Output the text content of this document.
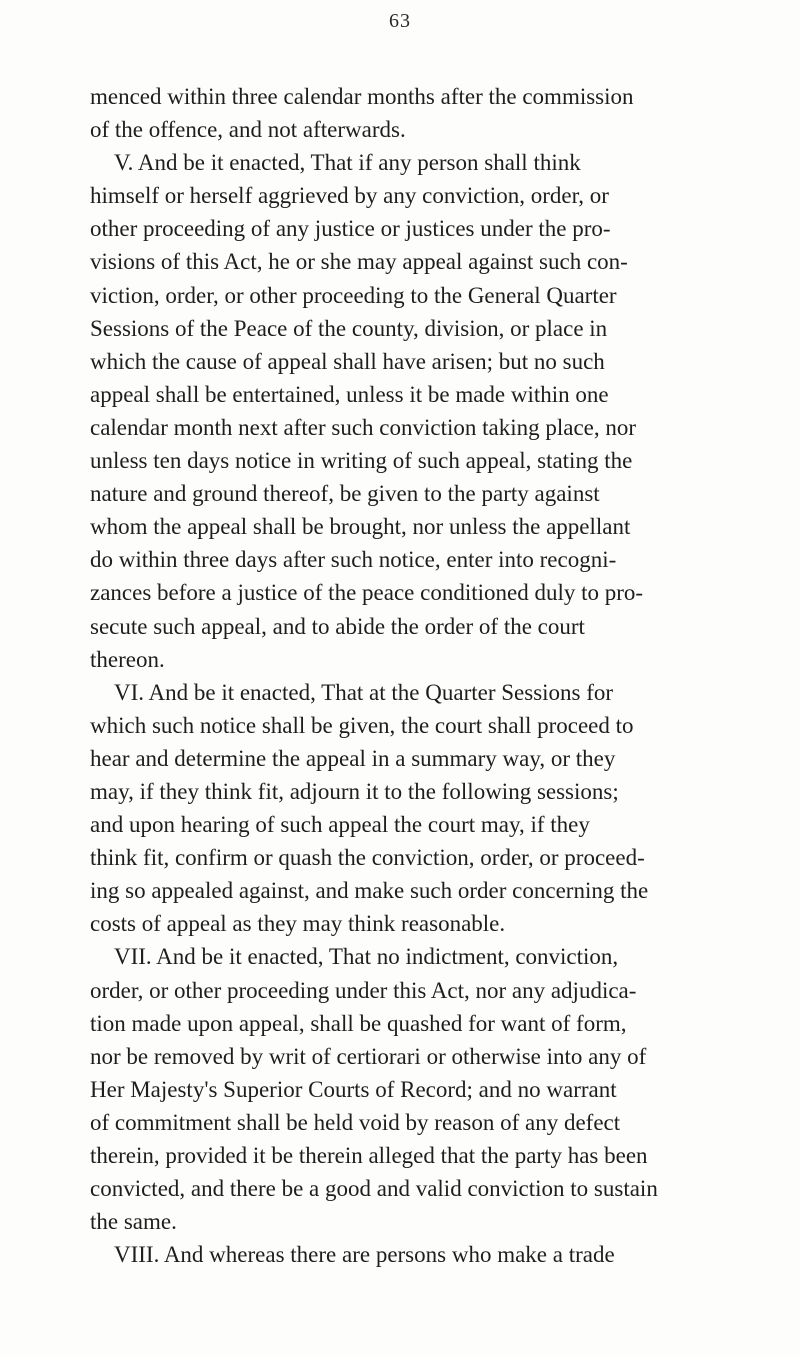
63
menced within three calendar months after the commission
of the offence, and not afterwards.
V. And be it enacted, That if any person shall think
himself or herself aggrieved by any conviction, order, or
other proceeding of any justice or justices under the pro-
visions of this Act, he or she may appeal against such con-
viction, order, or other proceeding to the General Quarter
Sessions of the Peace of the county, division, or place in
which the cause of appeal shall have arisen; but no such
appeal shall be entertained, unless it be made within one
calendar month next after such conviction taking place, nor
unless ten days notice in writing of such appeal, stating the
nature and ground thereof, be given to the party against
whom the appeal shall be brought, nor unless the appellant
do within three days after such notice, enter into recogni-
zances before a justice of the peace conditioned duly to pro-
secute such appeal, and to abide the order of the court
thereon.
VI. And be it enacted, That at the Quarter Sessions for
which such notice shall be given, the court shall proceed to
hear and determine the appeal in a summary way, or they
may, if they think fit, adjourn it to the following sessions;
and upon hearing of such appeal the court may, if they
think fit, confirm or quash the conviction, order, or proceed-
ing so appealed against, and make such order concerning the
costs of appeal as they may think reasonable.
VII. And be it enacted, That no indictment, conviction,
order, or other proceeding under this Act, nor any adjudica-
tion made upon appeal, shall be quashed for want of form,
nor be removed by writ of certiorari or otherwise into any of
Her Majesty's Superior Courts of Record; and no warrant
of commitment shall be held void by reason of any defect
therein, provided it be therein alleged that the party has been
convicted, and there be a good and valid conviction to sustain
the same.
VIII. And whereas there are persons who make a trade
